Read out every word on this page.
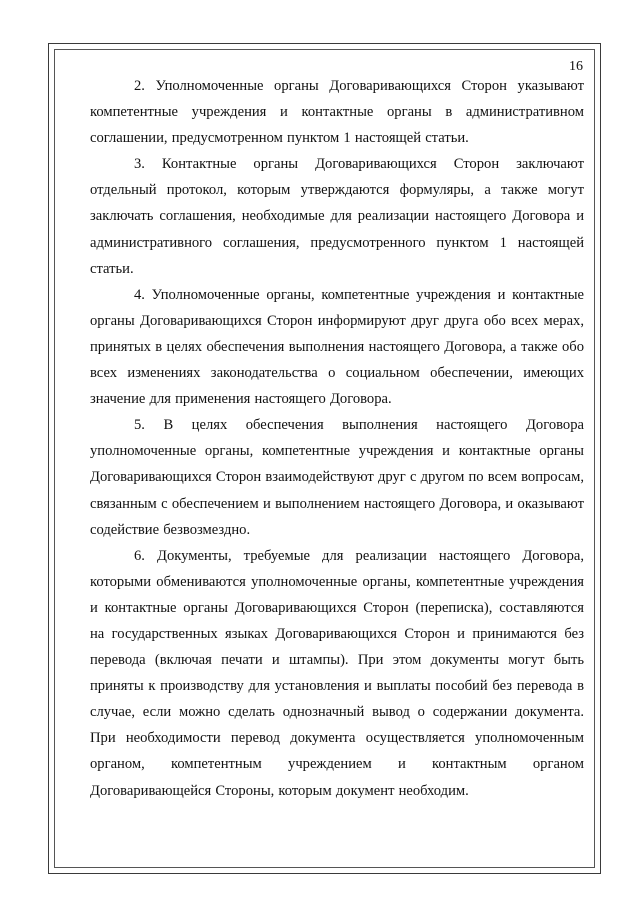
16

2. Уполномоченные органы Договаривающихся Сторон указывают компетентные учреждения и контактные органы в административном соглашении, предусмотренном пунктом 1 настоящей статьи.

3. Контактные органы Договаривающихся Сторон заключают отдельный протокол, которым утверждаются формуляры, а также могут заключать соглашения, необходимые для реализации настоящего Договора и административного соглашения, предусмотренного пунктом 1 настоящей статьи.

4. Уполномоченные органы, компетентные учреждения и контактные органы Договаривающихся Сторон информируют друг друга обо всех мерах, принятых в целях обеспечения выполнения настоящего Договора, а также обо всех изменениях законодательства о социальном обеспечении, имеющих значение для применения настоящего Договора.

5. В целях обеспечения выполнения настоящего Договора уполномоченные органы, компетентные учреждения и контактные органы Договаривающихся Сторон взаимодействуют друг с другом по всем вопросам, связанным с обеспечением и выполнением настоящего Договора, и оказывают содействие безвозмездно.

6. Документы, требуемые для реализации настоящего Договора, которыми обмениваются уполномоченные органы, компетентные учреждения и контактные органы Договаривающихся Сторон (переписка), составляются на государственных языках Договаривающихся Сторон и принимаются без перевода (включая печати и штампы). При этом документы могут быть приняты к производству для установления и выплаты пособий без перевода в случае, если можно сделать однозначный вывод о содержании документа. При необходимости перевод документа осуществляется уполномоченным органом, компетентным учреждением и контактным органом Договаривающейся Стороны, которым документ необходим.
